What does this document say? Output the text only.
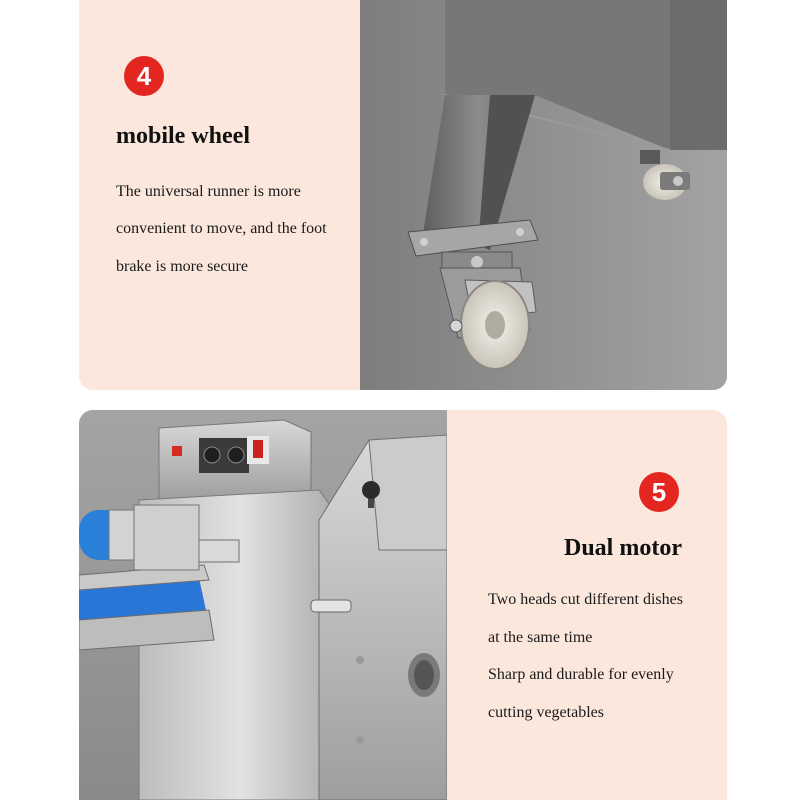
4
mobile wheel

The universal runner is more

convenient to move, and the foot

brake is more secure

5
Dual motor

Two heads cut different dishes

at the same time

Sharp and durable for evenly

cutting vegetables
